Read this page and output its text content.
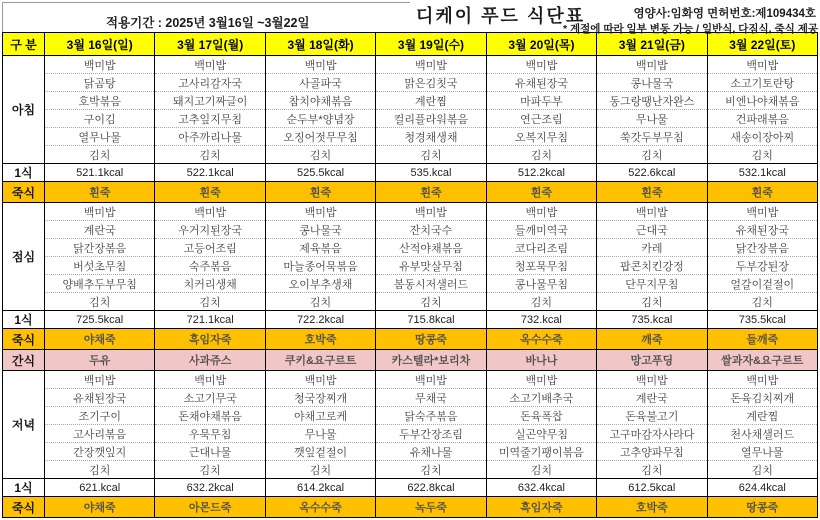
적용기간 : 2025년 3월16일 ~3월22일	디케이 푸드 식단표	영양사:임화영 면허번호:제109434호
* 계절에 따라 일부 변동 가능 / 일반식, 다짐식, 죽식 제공
구 분	3월 16일(일)	3월 17일(월)	3월 18일(화)	3월 19일(수)	3월 20일(목)	3월 21일(금)	3월 22일(토)
아침	백미밥	백미밥	백미밥	백미밥	백미밥	백미밥	백미밥
	닭곰탕	고사리감자국	사골파국	맑은김칫국	유채된장국	콩나물국	소고기토란탕
	호박볶음	돼지고기짜글이	참치야채볶음	계란찜	마파두부	동그랑땡난자완스	비엔나야채볶음
	구이김	고추잎지무침	순두부*양념장	컬리플라워볶음	연근조림	무나물	건파래볶음
	열무나물	아주까리나물	오징어젓무무침	청경채생채	오복지무침	쑥갓두부무침	새송이장아찌
	김치	김치	김치	김치	김치	김치	김치
1식	521.1kcal	522.1kcal	525.5kcal	535.kcal	512.2kcal	522.6kcal	532.1kcal
죽식	흰죽	흰죽	흰죽	흰죽	흰죽	흰죽	흰죽
점심	백미밥	백미밥	백미밥	백미밥	백미밥	백미밥	백미밥
	계란국	우거지된장국	콩나물국	잔치국수	들깨미역국	근대국	유채된장국
	닭간장볶음	고등어조림	제육볶음	산적야채볶음	코다리조림	카레	닭간장볶음
	버섯초무침	숙주볶음	마늘종어묵볶음	유부맛살무침	청포묵무침	팝콘치킨강정	두부강된장
	양배추두부무침	치커리생채	오이부추생채	봄동시저샐러드	콩나물무침	단무지무침	얼갈이겉절이
	김치	김치	김치	김치	김치	김치	김치
1식	725.5kcal	721.1kcal	722.2kcal	715.8kcal	732.kcal	735.kcal	735.5kcal
죽식	야채죽	흑임자죽	호박죽	땅콩죽	옥수수죽	깨죽	들깨죽
간식	두유	사과쥬스	쿠키&요구르트	카스텔라*보리차	바나나	망고푸딩	쌀과자&요구르트
저녁	백미밥	백미밥	백미밥	백미밥	백미밥	백미밥	백미밥
	유채된장국	소고기무국	청국장찌개	무채국	소고기배추국	계란국	돈육김치찌개
	조기구이	돈채야채볶음	야채고로케	닭숙주볶음	돈육폭찹	돈육불고기	계란찜
	고사리볶음	우묵무침	무나물	두부간장조림	실곤약무침	고구마감자사라다	천사채샐러드
	간장깻잎지	근대나물	깻잎겉절이	유채나물	미역줄기팽이볶음	고추양파무침	열무나물
	김치	김치	김치	김치	김치	김치	김치
1식	621.kcal	632.2kcal	614.2kcal	622.8kcal	632.4kcal	612.5kcal	624.4kcal
죽식	야채죽	아몬드죽	옥수수죽	녹두죽	흑임자죽	호박죽	땅콩죽
